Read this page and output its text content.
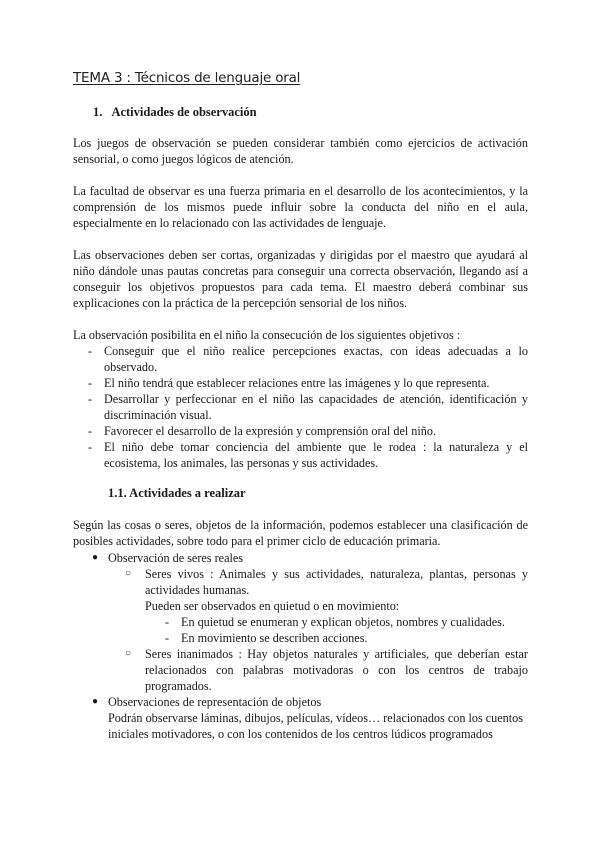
TEMA 3 : Técnicos de lenguaje oral
1. Actividades de observación

Los juegos de observación se pueden considerar también como ejercicios de activación sensorial, o como juegos lógicos de atención.

La facultad de observar es una fuerza primaria en el desarrollo de los acontecimientos, y la comprensión de los mismos puede influir sobre la conducta del niño en el aula, especialmente en lo relacionado con las actividades de lenguaje.

Las observaciones deben ser cortas, organizadas y dirigidas por el maestro que ayudará al niño dándole unas pautas concretas para conseguir una correcta observación, llegando así a conseguir los objetivos propuestos para cada tema. El maestro deberá combinar sus explicaciones con la práctica de la percepción sensorial de los niños.

La observación posibilita en el niño la consecución de los siguientes objetivos :

- Conseguir que el niño realice percepciones exactas, con ideas adecuadas a lo observado.
- El niño tendrá que establecer relaciones entre las imágenes y lo que representa.
- Desarrollar y perfeccionar en el niño las capacidades de atención, identificación y discriminación visual.
- Favorecer el desarrollo de la expresión y comprensión oral del niño.
- El niño debe tomar conciencia del ambiente que le rodea : la naturaleza y el ecosistema, los animales, las personas y sus actividades.
1.1. Actividades a realizar

Según las cosas o seres, objetos de la información, podemos establecer una clasificación de posibles actividades, sobre todo para el primer ciclo de educación primaria.

● Observación de seres reales
○ Seres vivos : Animales y sus actividades, naturaleza, plantas, personas y actividades humanas.
Pueden ser observados en quietud o en movimiento:
- En quietud se enumeran y explican objetos, nombres y cualidades.
- En movimiento se describen acciones.
○ Seres inanimados : Hay objetos naturales y artificiales, que deberían estar relacionados con palabras motivadoras o con los centros de trabajo programados.
● Observaciones de representación de objetos
Podrán observarse láminas, dibujos, películas, vídeos… relacionados con los cuentos iniciales motivadores, o con los contenidos de los centros lúdicos programados
